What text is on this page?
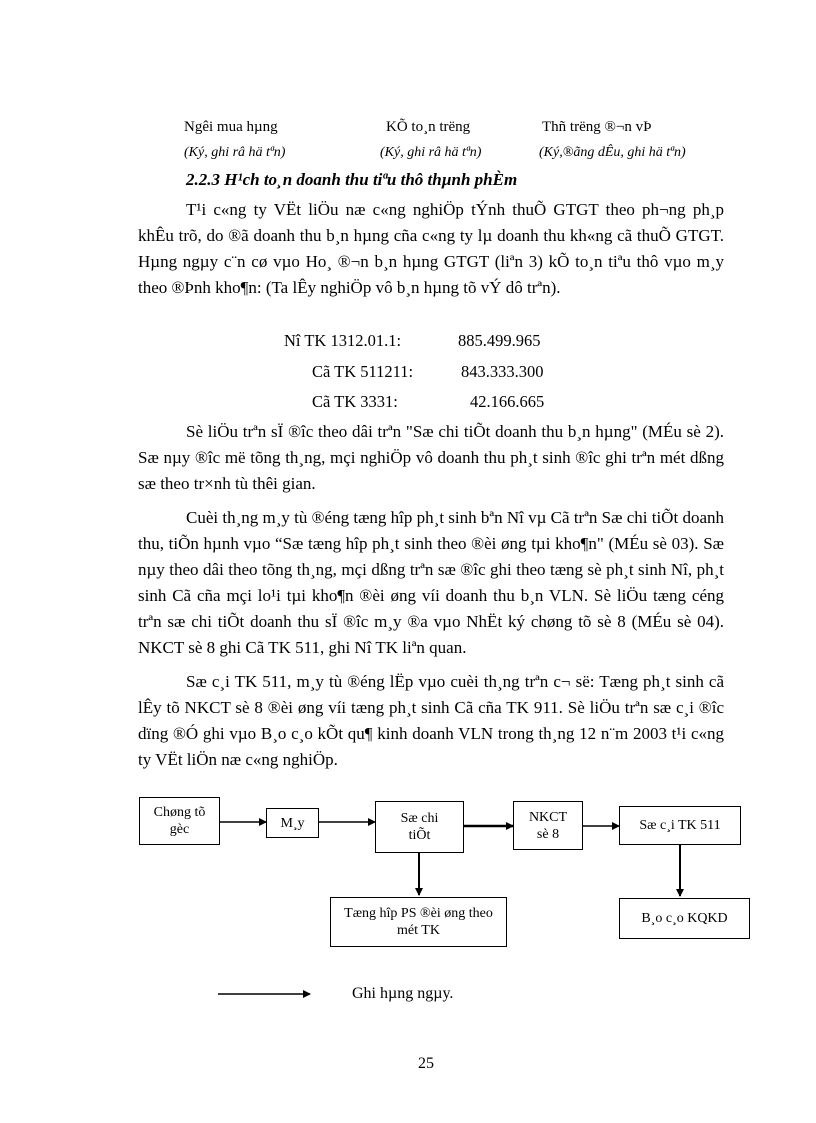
Ngêi mua hµng	KÕ to¸n trëng	Thñ trëng ®¬n vÞ
(Ký, ghi râ hä tªn)	(Ký, ghi râ hä tªn)	(Ký,®ãng dÊu, ghi hä tªn)
2.2.3 H¹ch to¸n doanh thu tiªu thô thµnh phÈm

T¹i c«ng ty VËt liÖu næ c«ng nghiÖp tÝnh thuÕ GTGT theo ph¬ng ph¸p khÊu trõ, do ®ã doanh thu b¸n hµng cña c«ng ty lµ doanh thu kh«ng cã thuÕ GTGT. Hµng ngµy c¨n cø vµo Ho¸ ®¬n b¸n hµng GTGT (liªn 3) kÕ to¸n tiªu thô vµo m¸y theo ®Þnh kho¶n: (Ta lÊy nghiÖp vô b¸n hµng tõ vÝ dô trªn).

Nî TK 1312.01.1:	885.499.965
Cã TK 511211:	843.333.300
Cã TK 3331:	42.166.665

Sè liÖu trªn sÏ ®îc theo dâi trªn "Sæ chi tiÕt doanh thu b¸n hµng" (MÉu sè 2). Sæ nµy ®îc më tõng th¸ng, mçi nghiÖp vô doanh thu ph¸t sinh ®îc ghi trªn mét dßng sæ theo tr×nh tù thêi gian.

Cuèi th¸ng m¸y tù ®éng tæng hîp ph¸t sinh bªn Nî vµ Cã trªn Sæ chi tiÕt doanh thu, tiÕn hµnh vµo “Sæ tæng hîp ph¸t sinh theo ®èi øng tµi kho¶n" (MÉu sè 03). Sæ nµy theo dâi theo tõng th¸ng, mçi dßng trªn sæ ®îc ghi theo tæng sè ph¸t sinh Nî, ph¸t sinh Cã cña mçi lo¹i tµi kho¶n ®èi øng víi doanh thu b¸n VLN. Sè liÖu tæng céng trªn sæ chi tiÕt doanh thu sÏ ®îc m¸y ®a vµo NhËt ký chøng tõ sè 8 (MÉu sè 04). NKCT sè 8 ghi Cã TK 511, ghi Nî TK liªn quan.

Sæ c¸i TK 511, m¸y tù ®éng lËp vµo cuèi th¸ng trªn c¬ së: Tæng ph¸t sinh cã lÊy tõ NKCT sè 8 ®èi øng víi tæng ph¸t sinh Cã cña TK 911. Sè liÖu trªn sæ c¸i ®îc dïng ®Ó ghi vµo B¸o c¸o kÕt qu¶ kinh doanh VLN trong th¸ng 12 n¨m 2003 t¹i c«ng ty VËt liÖn næ c«ng nghiÖp.

Chøng tõ gèc	M¸y	Sæ chi tiÕt
NKCT sè 8
Sæ c¸i TK 511
Tæng hîp PS ®èi øng theo mét TK
B¸o c¸o KQKD
Ghi hµng ngµy.
25
